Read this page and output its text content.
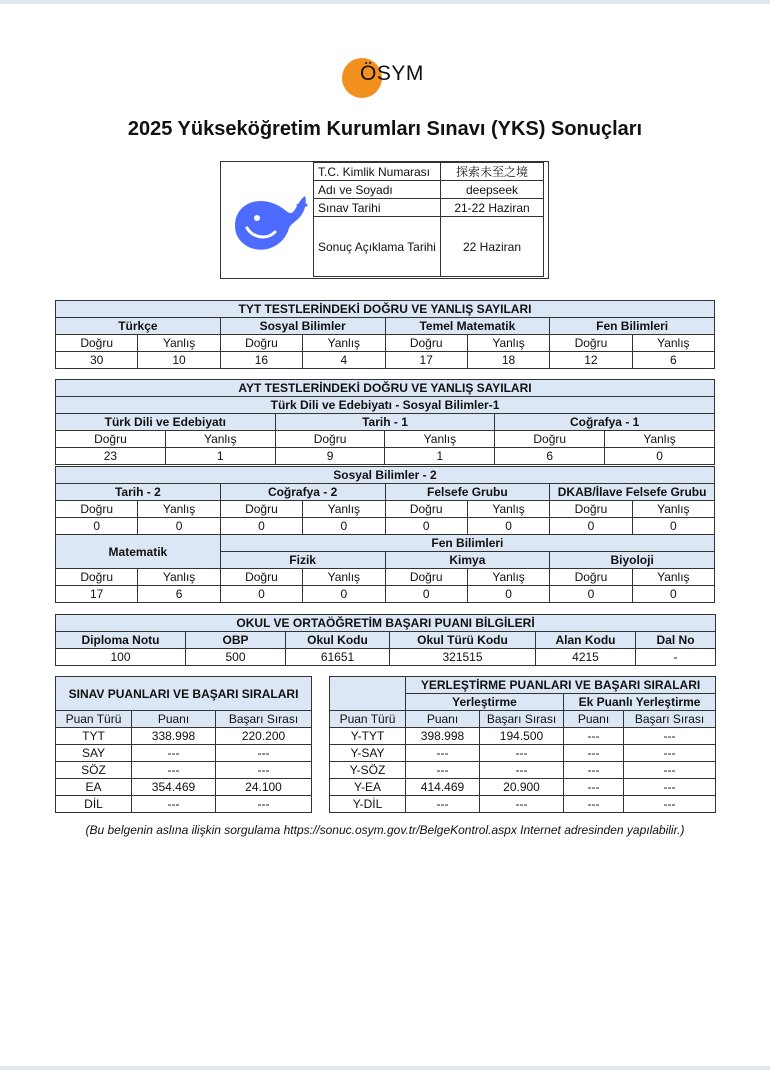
ÖSYM
2025 Yükseköğretim Kurumları Sınavı (YKS) Sonuçları
T.C. Kimlik Numarası	探索未至之境
Adı ve Soyadı	deepseek
Sınav Tarihi	21-22 Haziran
Sonuç Açıklama Tarihi	22 Haziran
TYT TESTLERİNDEKİ DOĞRU VE YANLIŞ SAYILARI							
Türkçe		Sosyal Bilimler		Temel Matematik		Fen Bilimleri	
Doğru	Yanlış	Doğru	Yanlış	Doğru	Yanlış	Doğru	Yanlış
30	10	16	4	17	18	12	6
AYT TESTLERİNDEKİ DOĞRU VE YANLIŞ SAYILARI					
Türk Dili ve Edebiyatı - Sosyal Bilimler-1					
Türk Dili ve Edebiyatı		Tarih - 1		Coğrafya - 1	
Doğru	Yanlış	Doğru	Yanlış	Doğru	Yanlış
23	1	9	1	6	0
Sosyal Bilimler - 2							
Tarih - 2		Coğrafya - 2		Felsefe Grubu		DKAB/İlave Felsefe Grubu	
Doğru	Yanlış	Doğru	Yanlış	Doğru	Yanlış	Doğru	Yanlış
0	0	0	0	0	0	0	0
Matematik		Fen Bilimleri					
		Fizik		Kimya		Biyoloji	
Doğru	Yanlış	Doğru	Yanlış	Doğru	Yanlış	Doğru	Yanlış
17	6	0	0	0	0	0	0
OKUL VE ORTAÖĞRETİM BAŞARI PUANI BİLGİLERİ					
Diploma Notu	OBP	Okul Kodu	Okul Türü Kodu	Alan Kodu	Dal No
100	500	61651	321515	4215	-
SINAV PUANLARI VE BAŞARI SIRALARI		

Puan Türü	Puanı	Başarı Sırası
TYT	338.998	220.200
SAY	---	---
SÖZ	---	---
EA	354.469	24.100
DİL	---	---
	YERLEŞTİRME PUANLARI VE BAŞARI SIRALARI			
	Yerleştirme		Ek Puanlı Yerleştirme	
Puan Türü	Puanı	Başarı Sırası	Puanı	Başarı Sırası
Y-TYT	398.998	194.500	---	---
Y-SAY	---	---	---	---
Y-SÖZ	---	---	---	---
Y-EA	414.469	20.900	---	---
Y-DİL	---	---	---	---
(Bu belgenin aslına ilişkin sorgulama https://sonuc.osym.gov.tr/BelgeKontrol.aspx Internet adresinden yapılabilir.)
